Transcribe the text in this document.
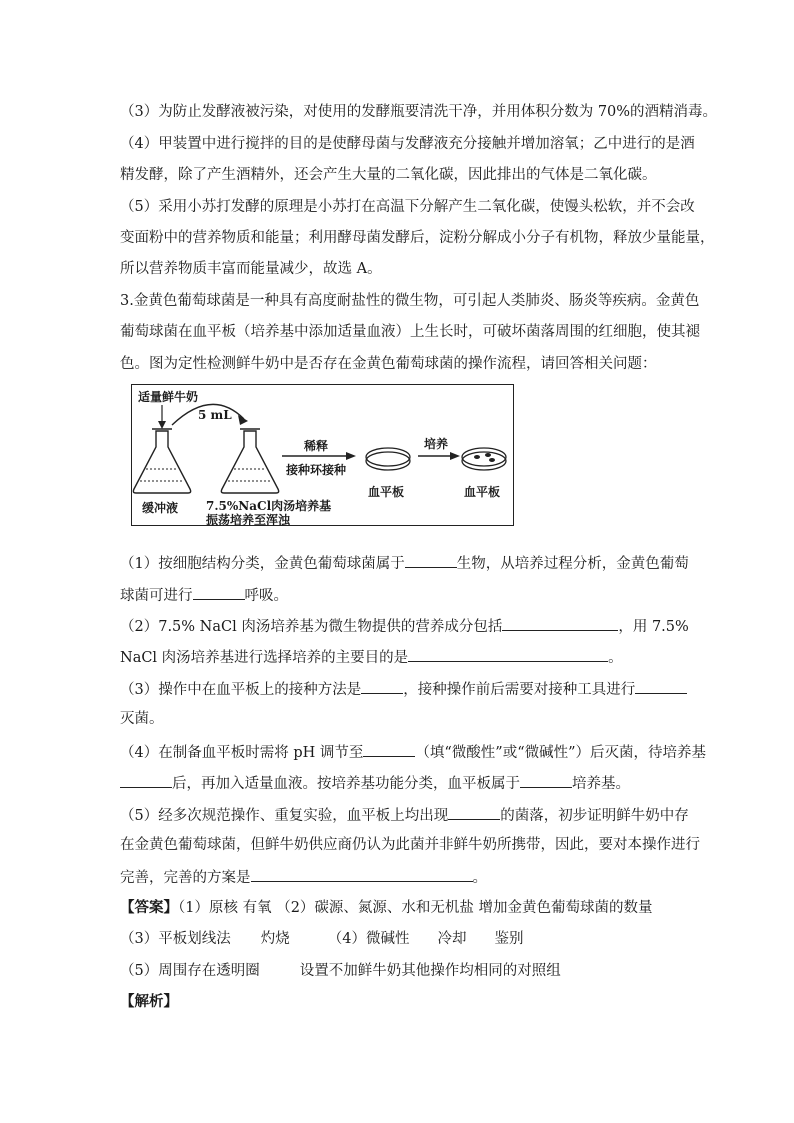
（3）为防止发酵液被污染，对使用的发酵瓶要清洗干净，并用体积分数为 70%的酒精消毒。
（4）甲装置中进行搅拌的目的是使酵母菌与发酵液充分接触并增加溶氧；乙中进行的是酒
精发酵，除了产生酒精外，还会产生大量的二氧化碳，因此排出的气体是二氧化碳。
（5）采用小苏打发酵的原理是小苏打在高温下分解产生二氧化碳，使馒头松软，并不会改
变面粉中的营养物质和能量；利用酵母菌发酵后，淀粉分解成小分子有机物，释放少量能量，
所以营养物质丰富而能量减少，故选 A。
3.金黄色葡萄球菌是一种具有高度耐盐性的微生物，可引起人类肺炎、肠炎等疾病。金黄色
葡萄球菌在血平板（培养基中添加适量血液）上生长时，可破坏菌落周围的红细胞，使其褪
色。图为定性检测鲜牛奶中是否存在金黄色葡萄球菌的操作流程，请回答相关问题：
适量鲜牛奶
5 mL
稀释
接种环接种
培养
缓冲液 7.5%NaCl肉汤培养基
振荡培养至浑浊
血平板	血平板
（1）按细胞结构分类，金黄色葡萄球菌属于	生物，从培养过程分析，金黄色葡萄
球菌可进行	呼吸。
（2）7.5% NaCl 肉汤培养基为微生物提供的营养成分包括	，用 7.5%
NaCl 肉汤培养基进行选择培养的主要目的是	。
（3）操作中在血平板上的接种方法是	，接种操作前后需要对接种工具进行
灭菌。
（4）在制备血平板时需将 pH 调节至	（填“微酸性”或“微碱性”）后灭菌，待培养基
后，再加入适量血液。按培养基功能分类，血平板属于	培养基。
（5）经多次规范操作、重复实验，血平板上均出现	的菌落，初步证明鲜牛奶中存
在金黄色葡萄球菌，但鲜牛奶供应商仍认为此菌并非鲜牛奶所携带，因此，要对本操作进行
完善，完善的方案是	。
【答案】（1）原核 有氧 （2）碳源、氮源、水和无机盐 增加金黄色葡萄球菌的数量
（3）平板划线法 灼烧	（4）微碱性 冷却 鉴别
（5）周围存在透明圈	设置不加鲜牛奶其他操作均相同的对照组
【解析】
